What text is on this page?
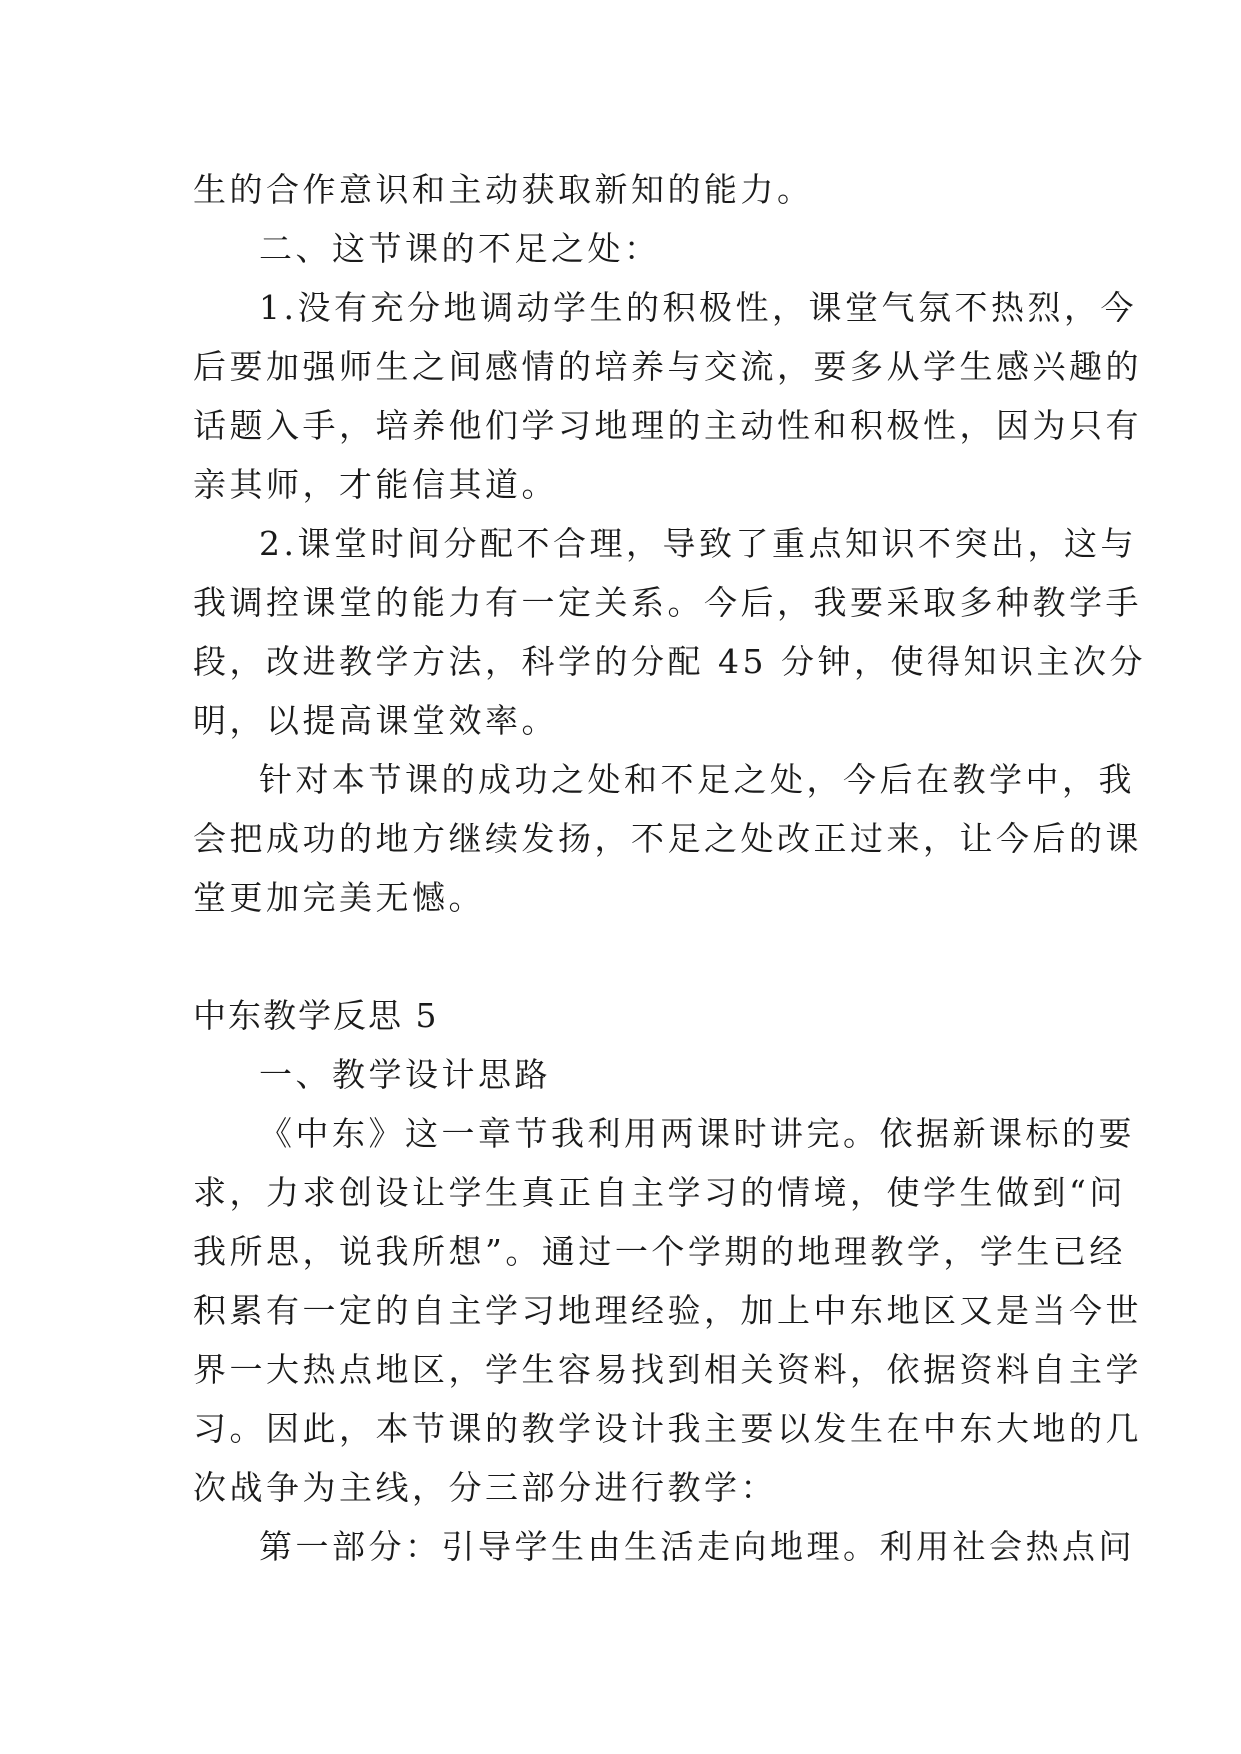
生的合作意识和主动获取新知的能力。
二、这节课的不足之处：
1.没有充分地调动学生的积极性，课堂气氛不热烈，今
后要加强师生之间感情的培养与交流，要多从学生感兴趣的
话题入手，培养他们学习地理的主动性和积极性，因为只有
亲其师，才能信其道。
2.课堂时间分配不合理，导致了重点知识不突出，这与
我调控课堂的能力有一定关系。今后，我要采取多种教学手
段，改进教学方法，科学的分配 45 分钟，使得知识主次分
明，以提高课堂效率。
针对本节课的成功之处和不足之处，今后在教学中，我
会把成功的地方继续发扬，不足之处改正过来，让今后的课
堂更加完美无憾。
中东教学反思 5
一、教学设计思路
《中东》这一章节我利用两课时讲完。依据新课标的要
求，力求创设让学生真正自主学习的情境，使学生做到“问
我所思，说我所想”。通过一个学期的地理教学，学生已经
积累有一定的自主学习地理经验，加上中东地区又是当今世
界一大热点地区，学生容易找到相关资料，依据资料自主学
习。因此，本节课的教学设计我主要以发生在中东大地的几
次战争为主线，分三部分进行教学：
第一部分：引导学生由生活走向地理。利用社会热点问
